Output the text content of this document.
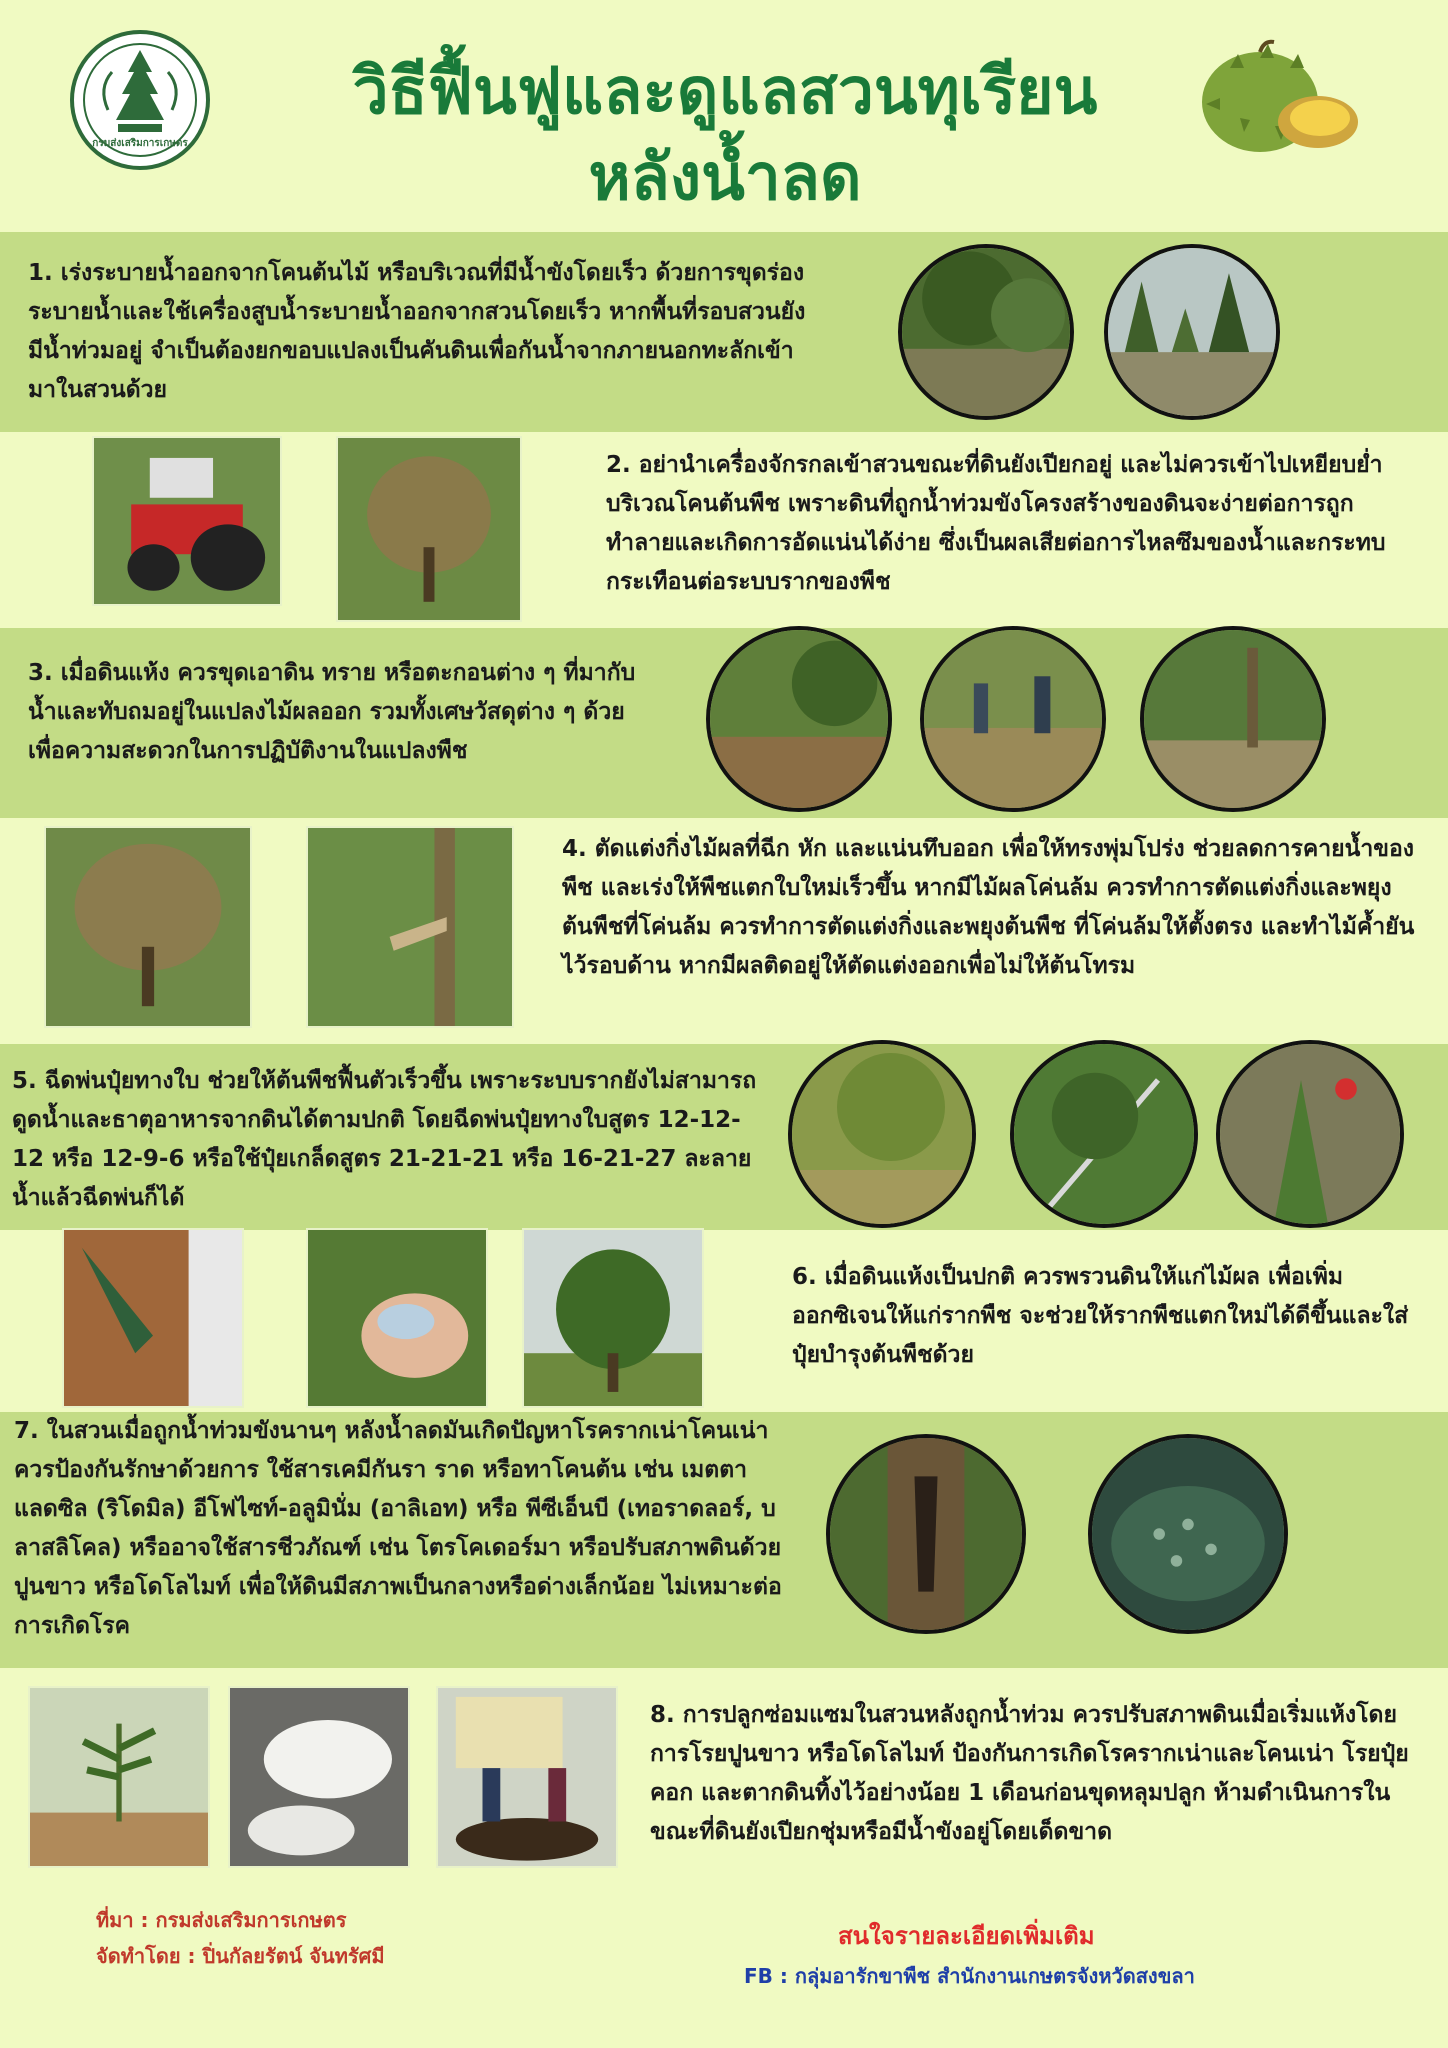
กรมส่งเสริมการเกษตร
วิธีฟื้นฟูและดูแลสวนทุเรียน
หลังน้ำลด
1. เร่งระบายน้ำออกจากโคนต้นไม้ หรือบริเวณที่มีน้ำขังโดยเร็ว ด้วยการขุดร่องระบายน้ำและใช้เครื่องสูบน้ำระบายน้ำออกจากสวนโดยเร็ว หากพื้นที่รอบสวนยังมีน้ำท่วมอยู่ จำเป็นต้องยกขอบแปลงเป็นคันดินเพื่อกันน้ำจากภายนอกทะลักเข้ามาในสวนด้วย
2. อย่านำเครื่องจักรกลเข้าสวนขณะที่ดินยังเปียกอยู่ และไม่ควรเข้าไปเหยียบย่ำบริเวณโคนต้นพืช เพราะดินที่ถูกน้ำท่วมขังโครงสร้างของดินจะง่ายต่อการถูกทำลายและเกิดการอัดแน่นได้ง่าย ซึ่งเป็นผลเสียต่อการไหลซึมของน้ำและกระทบกระเทือนต่อระบบรากของพืช
3. เมื่อดินแห้ง ควรขุดเอาดิน ทราย หรือตะกอนต่าง ๆ ที่มากับน้ำและทับถมอยู่ในแปลงไม้ผลออก รวมทั้งเศษวัสดุต่าง ๆ ด้วย เพื่อความสะดวกในการปฏิบัติงานในแปลงพืช
4. ตัดแต่งกิ่งไม้ผลที่ฉีก หัก และแน่นทึบออก เพื่อให้ทรงพุ่มโปร่ง ช่วยลดการคายน้ำของพืช และเร่งให้พืชแตกใบใหม่เร็วขึ้น หากมีไม้ผลโค่นล้ม ควรทำการตัดแต่งกิ่งและพยุงต้นพืชที่โค่นล้ม ควรทำการตัดแต่งกิ่งและพยุงต้นพืช ที่โค่นล้มให้ตั้งตรง และทำไม้ค้ำยันไว้รอบด้าน หากมีผลติดอยู่ให้ตัดแต่งออกเพื่อไม่ให้ต้นโทรม
5. ฉีดพ่นปุ๋ยทางใบ ช่วยให้ต้นพืชฟื้นตัวเร็วขึ้น เพราะระบบรากยังไม่สามารถดูดน้ำและธาตุอาหารจากดินได้ตามปกติ โดยฉีดพ่นปุ๋ยทางใบสูตร 12-12-12 หรือ 12-9-6 หรือใช้ปุ๋ยเกล็ดสูตร 21-21-21 หรือ 16-21-27 ละลายน้ำแล้วฉีดพ่นก็ได้
6. เมื่อดินแห้งเป็นปกติ ควรพรวนดินให้แก่ไม้ผล เพื่อเพิ่มออกซิเจนให้แก่รากพืช จะช่วยให้รากพืชแตกใหม่ได้ดีขึ้นและใส่ปุ๋ยบำรุงต้นพืชด้วย
7. ในสวนเมื่อถูกน้ำท่วมขังนานๆ หลังน้ำลดมันเกิดปัญหาโรครากเน่าโคนเน่า ควรป้องกันรักษาด้วยการ ใช้สารเคมีกันรา ราด หรือทาโคนต้น เช่น เมตตาแลดซิล (ริโดมิล) อีโฟไซท์-อลูมินั่ม (อาลิเอท) หรือ พีซีเอ็นบี (เทอราดลอร์, บลาสลิโคล) หรืออาจใช้สารชีวภัณฑ์ เช่น โตรโคเดอร์มา หรือปรับสภาพดินด้วยปูนขาว หรือโดโลไมท์ เพื่อให้ดินมีสภาพเป็นกลางหรือด่างเล็กน้อย ไม่เหมาะต่อการเกิดโรค
8. การปลูกซ่อมแซมในสวนหลังถูกน้ำท่วม ควรปรับสภาพดินเมื่อเริ่มแห้งโดยการโรยปูนขาว หรือโดโลไมท์ ป้องกันการเกิดโรครากเน่าและโคนเน่า โรยปุ๋ยคอก และตากดินทิ้งไว้อย่างน้อย 1 เดือนก่อนขุดหลุมปลูก ห้ามดำเนินการในขณะที่ดินยังเปียกชุ่มหรือมีน้ำขังอยู่โดยเด็ดขาด
ที่มา : กรมส่งเสริมการเกษตร
จัดทำโดย : ปิ่นกัลยรัตน์ จันทรัศมี
สนใจรายละเอียดเพิ่มเติม
FB : กลุ่มอารักขาพืช สำนักงานเกษตรจังหวัดสงขลา
